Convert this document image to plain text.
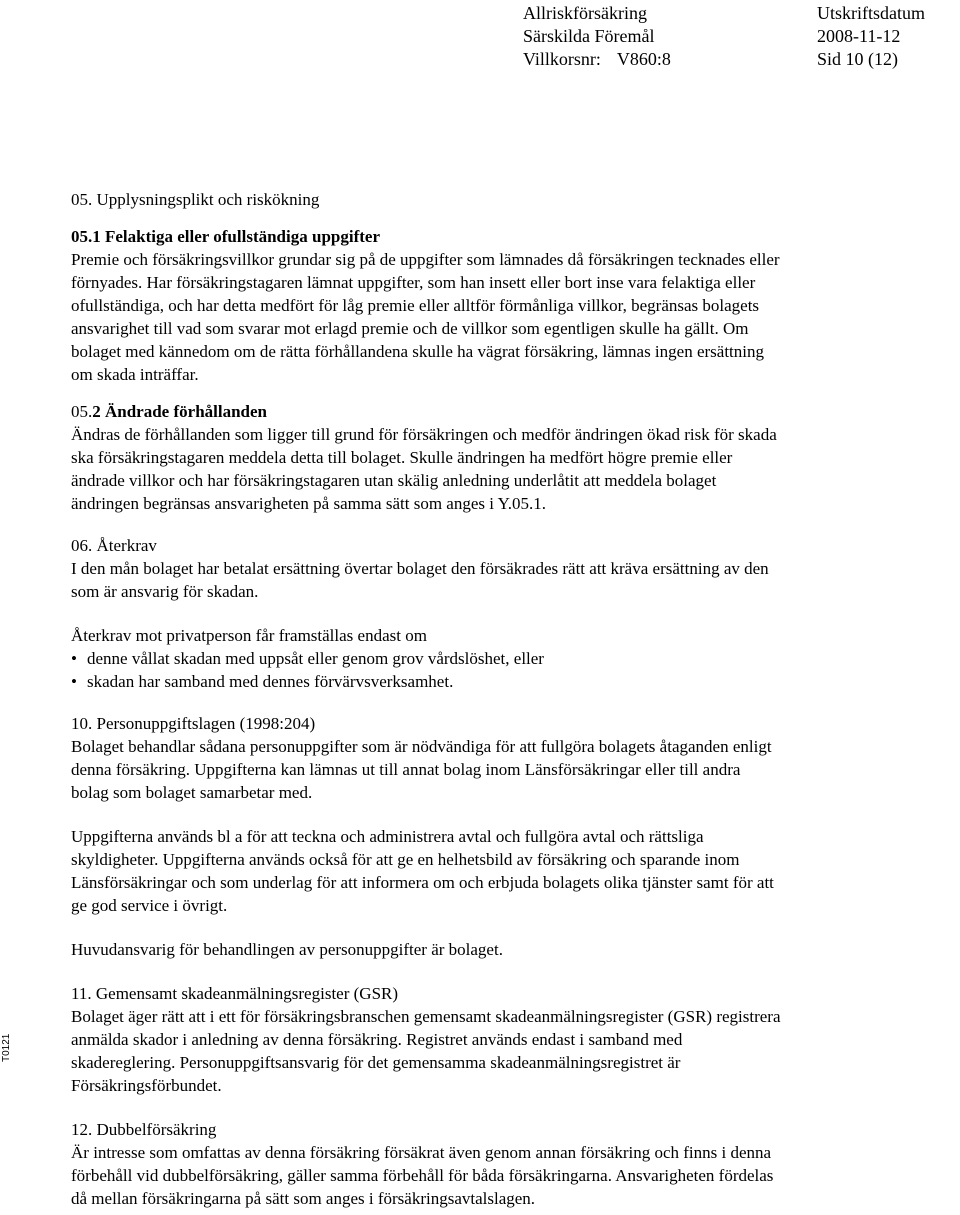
Allriskförsäkring
Särskilda Föremål
Villkorsnr: V860:8
Utskriftsdatum
2008-11-12
Sid 10 (12)
T0121

05. Upplysningsplikt och riskökning

05.1 Felaktiga eller ofullständiga uppgifter

Premie och försäkringsvillkor grundar sig på de uppgifter som lämnades då försäkringen tecknades eller
förnyades. Har försäkringstagaren lämnat uppgifter, som han insett eller bort inse vara felaktiga eller
ofullständiga, och har detta medfört för låg premie eller alltför förmånliga villkor, begränsas bolagets
ansvarighet till vad som svarar mot erlagd premie och de villkor som egentligen skulle ha gällt. Om
bolaget med kännedom om de rätta förhållandena skulle ha vägrat försäkring, lämnas ingen ersättning
om skada inträffar.

05.2 Ändrade förhållanden

Ändras de förhållanden som ligger till grund för försäkringen och medför ändringen ökad risk för skada
ska försäkringstagaren meddela detta till bolaget. Skulle ändringen ha medfört högre premie eller
ändrade villkor och har försäkringstagaren utan skälig anledning underlåtit att meddela bolaget
ändringen begränsas ansvarigheten på samma sätt som anges i Y.05.1.

06. Återkrav

I den mån bolaget har betalat ersättning övertar bolaget den försäkrades rätt att kräva ersättning av den
som är ansvarig för skadan.
Återkrav mot privatperson får framställas endast om
• denne vållat skadan med uppsåt eller genom grov vårdslöshet, eller
• skadan har samband med dennes förvärvsverksamhet.

10. Personuppgiftslagen (1998:204)

Bolaget behandlar sådana personuppgifter som är nödvändiga för att fullgöra bolagets åtaganden enligt
denna försäkring. Uppgifterna kan lämnas ut till annat bolag inom Länsförsäkringar eller till andra
bolag som bolaget samarbetar med.
Uppgifterna används bl a för att teckna och administrera avtal och fullgöra avtal och rättsliga
skyldigheter. Uppgifterna används också för att ge en helhetsbild av försäkring och sparande inom
Länsförsäkringar och som underlag för att informera om och erbjuda bolagets olika tjänster samt för att
ge god service i övrigt.
Huvudansvarig för behandlingen av personuppgifter är bolaget.

11. Gemensamt skadeanmälningsregister (GSR)

Bolaget äger rätt att i ett för försäkringsbranschen gemensamt skadeanmälningsregister (GSR) registrera
anmälda skador i anledning av denna försäkring. Registret används endast i samband med
skadereglering. Personuppgiftsansvarig för det gemensamma skadeanmälningsregistret är
Försäkringsförbundet.

12. Dubbelförsäkring

Är intresse som omfattas av denna försäkring försäkrat även genom annan försäkring och finns i denna
förbehåll vid dubbelförsäkring, gäller samma förbehåll för båda försäkringarna. Ansvarigheten fördelas
då mellan försäkringarna på sätt som anges i försäkringsavtalslagen.
